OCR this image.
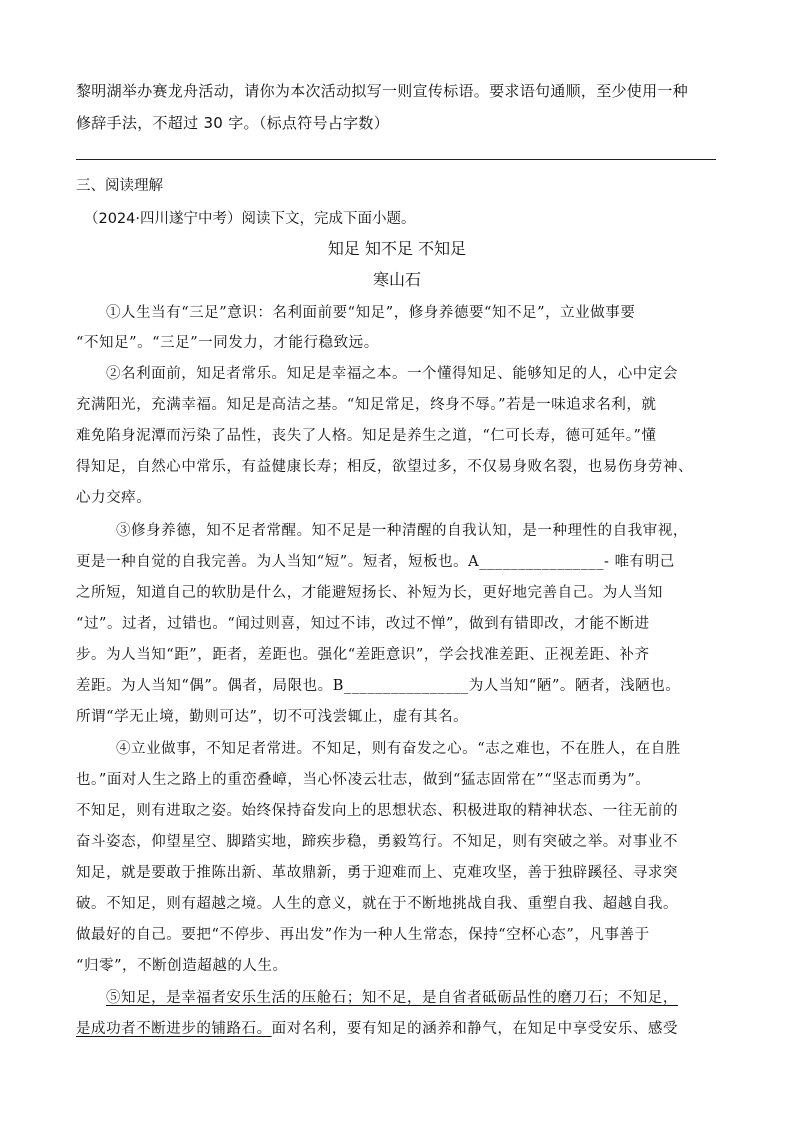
黎明湖举办赛龙舟活动，请你为本次活动拟写一则宣传标语。要求语句通顺，至少使用一种
修辞手法，不超过 30 字。（标点符号占字数）
三、阅读理解
（2024·四川遂宁中考）阅读下文，完成下面小题。
知足 知不足 不知足
寒山石
①人生当有“三足”意识：名利面前要“知足”，修身养德要“知不足”，立业做事要
“不知足”。“三足”一同发力，才能行稳致远。
②名利面前，知足者常乐。知足是幸福之本。一个懂得知足、能够知足的人，心中定会
充满阳光，充满幸福。知足是高洁之基。“知足常足，终身不辱。”若是一味追求名利，就
难免陷身泥潭而污染了品性，丧失了人格。知足是养生之道，“仁可长寿，德可延年。”懂
得知足，自然心中常乐，有益健康长寿；相反，欲望过多，不仅易身败名裂，也易伤身劳神、
心力交瘁。
③修身养德，知不足者常醒。知不足是一种清醒的自我认知，是一种理性的自我审视，
更是一种自觉的自我完善。为人当知“短”。短者，短板也。A________________- 唯有明己
之所短，知道自己的软肋是什么，才能避短扬长、补短为长，更好地完善自己。为人当知
“过”。过者，过错也。“闻过则喜，知过不讳，改过不惮”，做到有错即改，才能不断进
步。为人当知“距”，距者，差距也。强化“差距意识”，学会找准差距、正视差距、补齐
差距。为人当知“偶”。偶者，局限也。B________________为人当知“陋”。陋者，浅陋也。
所谓“学无止境，勤则可达”，切不可浅尝辄止，虚有其名。
④立业做事，不知足者常进。不知足，则有奋发之心。“志之难也，不在胜人，在自胜
也。”面对人生之路上的重峦叠嶂，当心怀凌云壮志，做到“猛志固常在”“坚志而勇为”。
不知足，则有进取之姿。始终保持奋发向上的思想状态、积极进取的精神状态、一往无前的
奋斗姿态，仰望星空、脚踏实地，蹄疾步稳，勇毅笃行。不知足，则有突破之举。对事业不
知足，就是要敢于推陈出新、革故鼎新，勇于迎难而上、克难攻坚，善于独辟蹊径、寻求突
破。不知足，则有超越之境。人生的意义，就在于不断地挑战自我、重塑自我、超越自我。
做最好的自己。要把“不停步、再出发”作为一种人生常态，保持“空杯心态”，凡事善于
“归零”，不断创造超越的人生。
⑤知足，是幸福者安乐生活的压舱石；知不足，是自省者砥砺品性的磨刀石；不知足，
是成功者不断进步的铺路石。面对名利，要有知足的涵养和静气，在知足中享受安乐、感受
